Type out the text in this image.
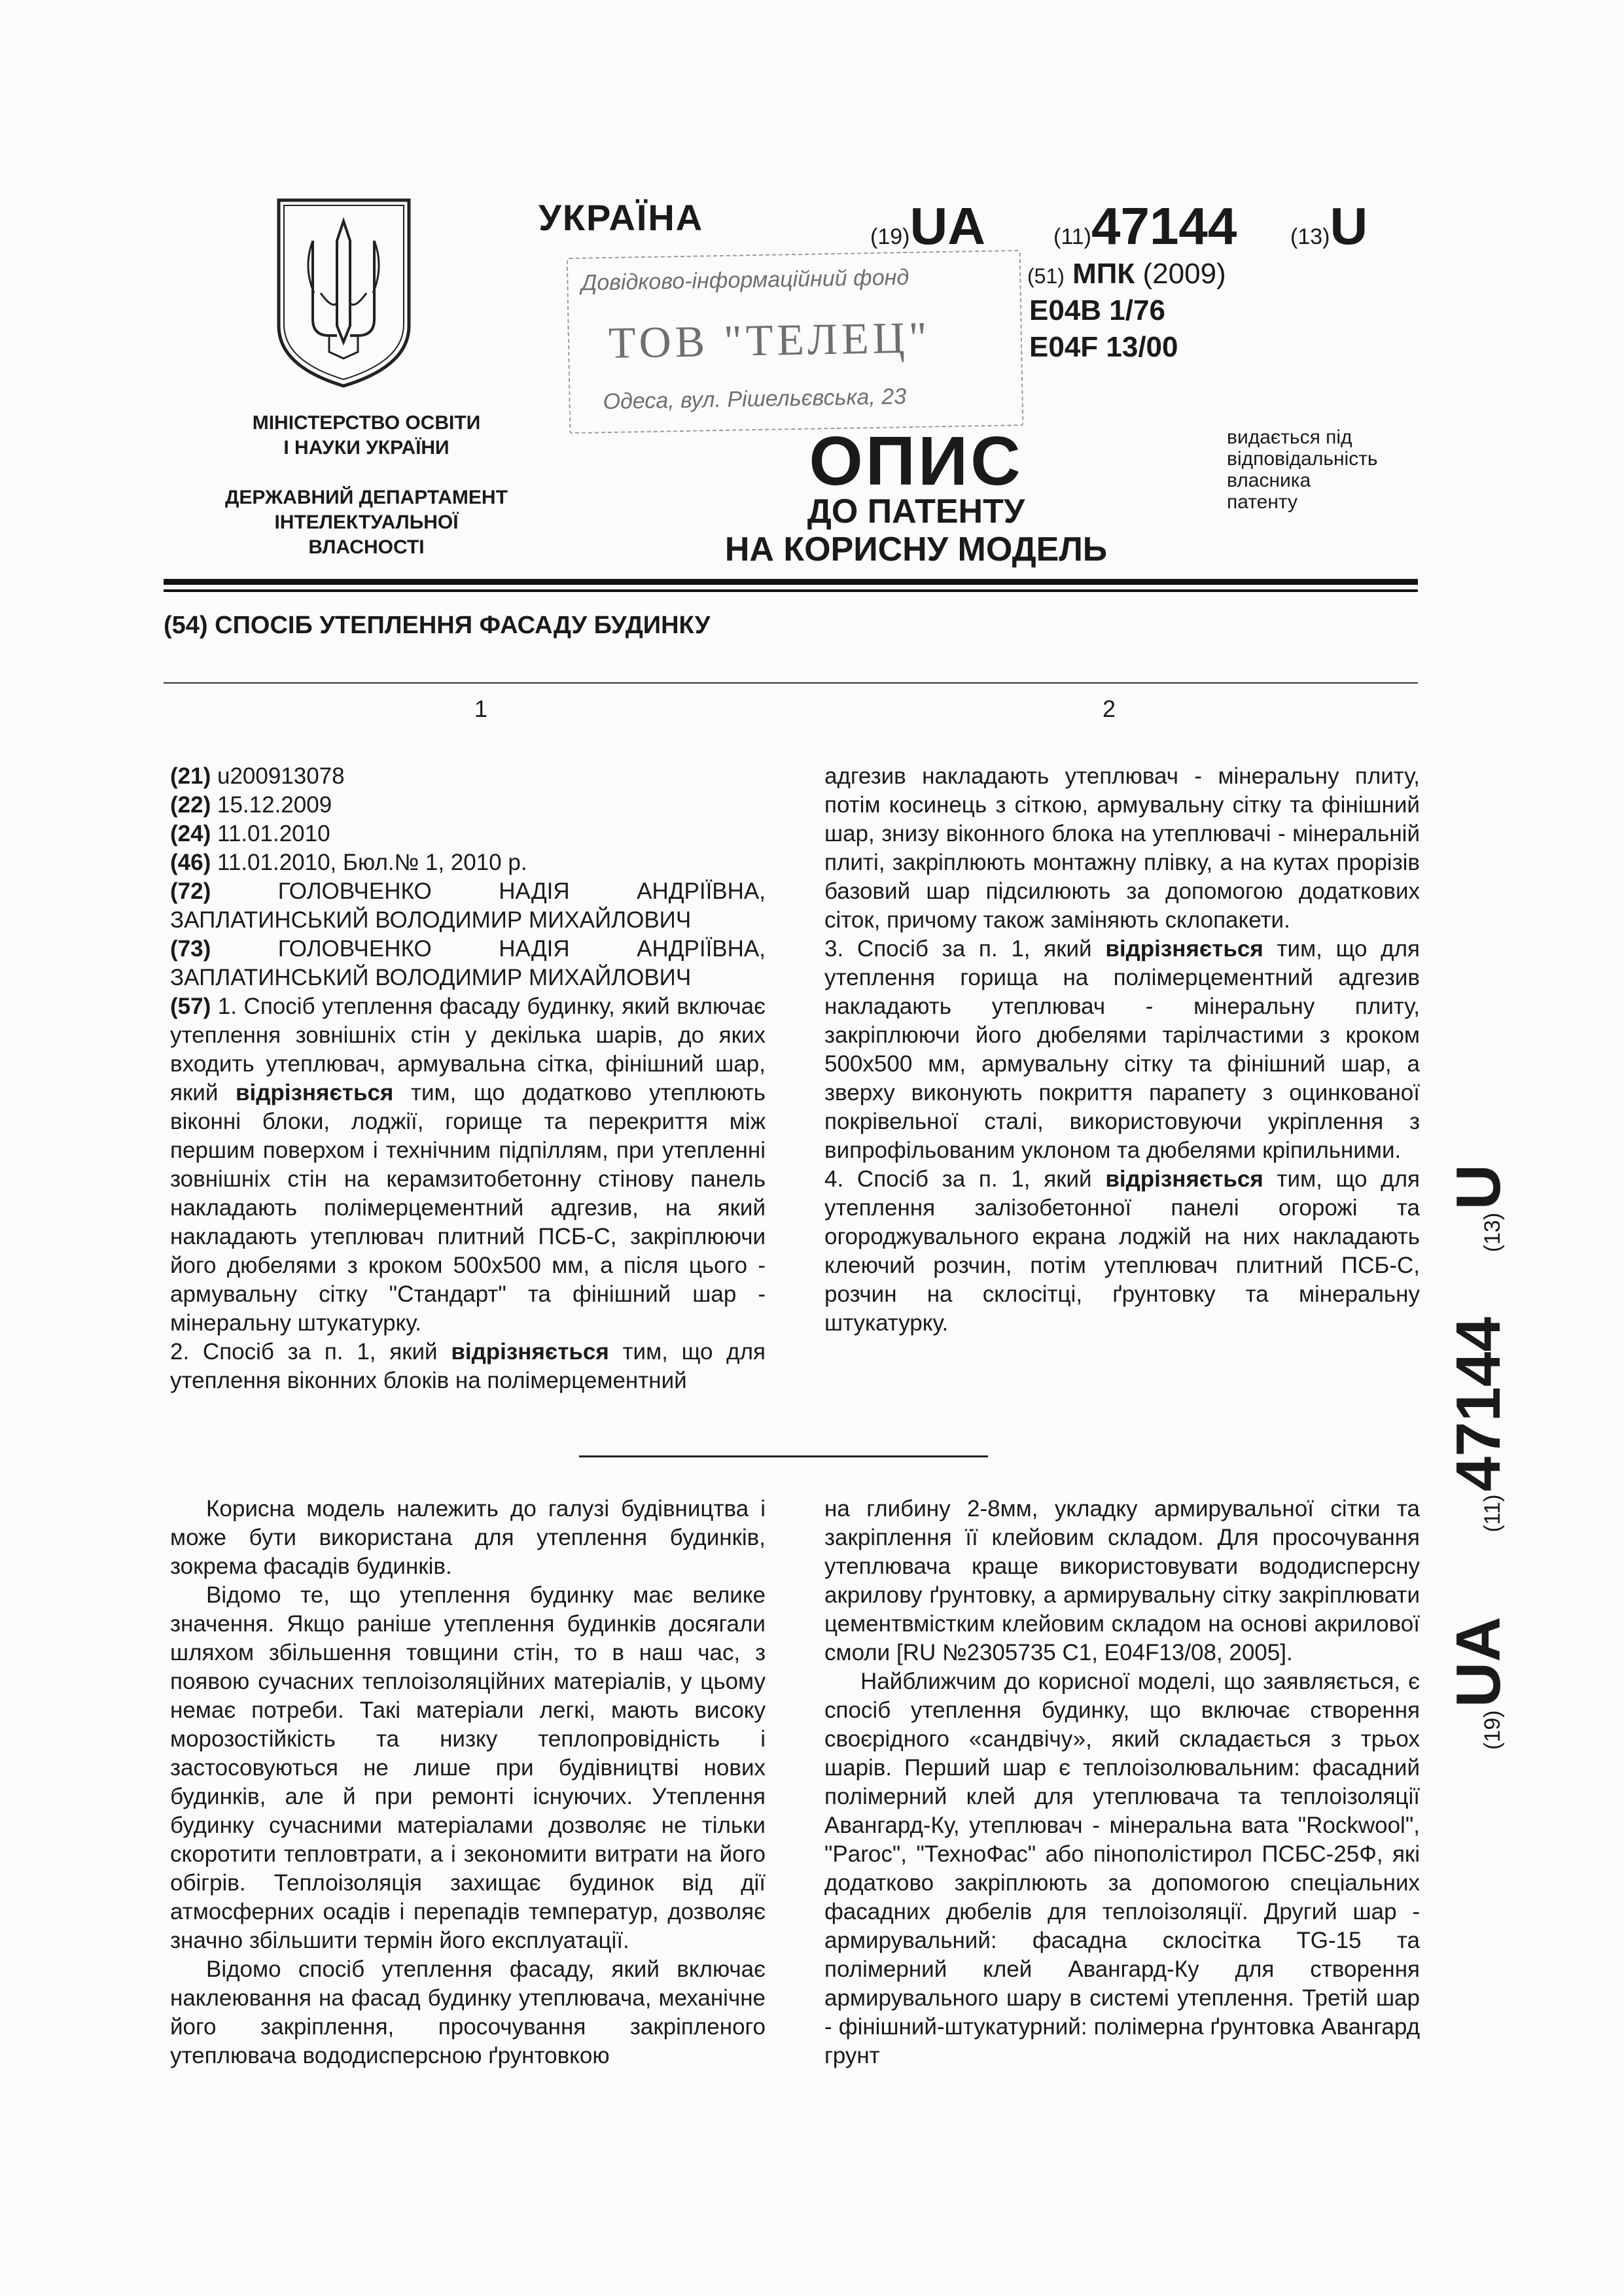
УКРАЇНА
МІНІСТЕРСТВО ОСВІТИ
І НАУКИ УКРАЇНИ
ДЕРЖАВНИЙ ДЕПАРТАМЕНТ
ІНТЕЛЕКТУАЛЬНОЇ
ВЛАСНОСТІ
(19)UA	(11)47144 (13)U
(51) МПК (2009)
E04B 1/76
E04F 13/00
Довідково-інформаційний фонд
ТОВ "ТЕЛЕЦ"
Одеса, вул. Рішельєвська, 23
ОПИС
ДО ПАТЕНТУ
НА КОРИСНУ МОДЕЛЬ
видається під
відповідальність
власника
патенту
(54) СПОСІБ УТЕПЛЕННЯ ФАСАДУ БУДИНКУ
1	2

(21) u200913078

(22) 15.12.2009

(24) 11.01.2010

(46) 11.01.2010, Бюл.№ 1, 2010 р.

(72)	ГОЛОВЧЕНКО НАДІЯ АНДРІЇВНА, ЗАПЛАТИНСЬКИЙ ВОЛОДИМИР МИХАЙЛОВИЧ

(73)	ГОЛОВЧЕНКО НАДІЯ АНДРІЇВНА, ЗАПЛАТИНСЬКИЙ ВОЛОДИМИР МИХАЙЛОВИЧ

(57) 1. Спосіб утеплення фасаду будинку, який включає утеплення зовнішніх стін у декілька шарів, до яких входить утеплювач, армувальна сітка, фінішний шар, який відрізняється тим, що додатково утеплюють віконні блоки, лоджії, горище та перекриття між першим поверхом і технічним підпіллям, при утепленні зовнішніх стін на керамзитобетонну стінову панель накладають полімерцементний адгезив, на який накладають утеплювач плитний ПСБ-С, закріплюючи його дюбелями з кроком 500x500 мм, а після цього - армувальну сітку "Стандарт" та фінішний шар - мінеральну штукатурку.

2. Спосіб за п. 1, який відрізняється тим, що для утеплення віконних блоків на полімерцементний

адгезив накладають утеплювач - мінеральну плиту, потім косинець з сіткою, армувальну сітку та фінішний шар, знизу віконного блока на утеплювачі - мінеральній плиті, закріплюють монтажну плівку, а на кутах прорізів базовий шар підсилюють за допомогою додаткових сіток, причому також заміняють склопакети.

3. Спосіб за п. 1, який відрізняється тим, що для утеплення горища на полімерцементний адгезив накладають утеплювач - мінеральну плиту, закріплюючи його дюбелями тарілчастими з кроком 500x500 мм, армувальну сітку та фінішний шар, а зверху виконують покриття парапету з оцинкованої покрівельної сталі, використовуючи укріплення з випрофільованим уклоном та дюбелями кріпильними.

4. Спосіб за п. 1, який відрізняється тим, що для утеплення залізобетонної панелі огорожі та огороджувального екрана лоджій на них накладають клеючий розчин, потім утеплювач плитний ПСБ-С, розчин на склосітці, ґрунтовку та мінеральну штукатурку.

Корисна модель належить до галузі будівництва і може бути використана для утеплення будинків, зокрема фасадів будинків.

Відомо те, що утеплення будинку має велике значення. Якщо раніше утеплення будинків досягали шляхом збільшення товщини стін, то в наш час, з появою сучасних теплоізоляційних матеріалів, у цьому немає потреби. Такі матеріали легкі, мають високу морозостійкість та низку теплопровідність і застосовуються не лише при будівництві нових будинків, але й при ремонті існуючих. Утеплення будинку сучасними матеріалами дозволяє не тільки скоротити тепловтрати, а і зекономити витрати на його обігрів. Теплоізоляція захищає будинок від дії атмосферних осадів і перепадів температур, дозволяє значно збільшити термін його експлуатації.

Відомо спосіб утеплення фасаду, який включає наклеювання на фасад будинку утеплювача, механічне його закріплення, просочування закріпленого утеплювача вододисперсною ґрунтовкою

на глибину 2-8мм, укладку армирувальної сітки та закріплення її клейовим складом. Для просочування утеплювача краще використовувати вододисперсну акрилову ґрунтовку, а армирувальну сітку закріплювати цементвмістким клейовим складом на основі акрилової смоли [RU №2305735 C1, E04F13/08, 2005].

Найближчим до корисної моделі, що заявляється, є спосіб утеплення будинку, що включає створення своєрідного «сандвічу», який складається з трьох шарів. Перший шар є теплоізолювальним: фасадний полімерний клей для утеплювача та теплоізоляції Авангард-Ку, утеплювач - мінеральна вата "Rockwool", "Parоc", "ТехноФас" або пінополістирол ПСБС-25Ф, які додатково закріплюють за допомогою спеціальних фасадних дюбелів для теплоізоляції. Другий шар - армирувальний: фасадна склосітка TG-15 та полімерний клей Авангард-Ку для створення армирувального шару в системі утеплення. Третій шар - фінішний-штукатурний: полімерна ґрунтовка Авангард грунт

(19) UA  (11) 47144  (13) U
